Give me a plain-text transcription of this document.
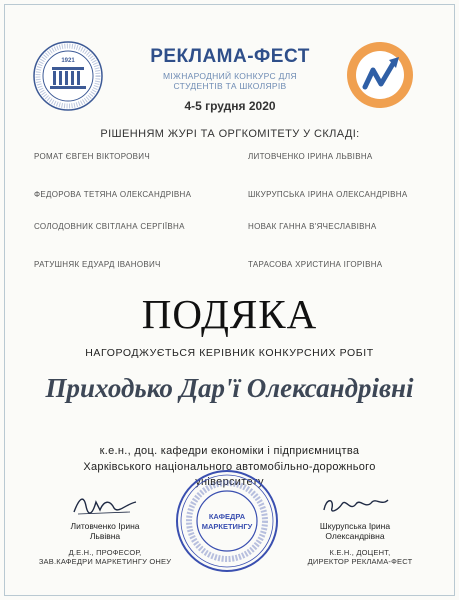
1921	РЕКЛАМА-ФЕСТ
МІЖНАРОДНИЙ КОНКУРС ДЛЯ
СТУДЕНТІВ ТА ШКОЛЯРІВ
4-5 грудня 2020
РІШЕННЯМ ЖУРІ ТА ОРГКОМІТЕТУ У СКЛАДІ:
РОМАТ ЄВГЕН ВІКТОРОВИЧ	ЛИТОВЧЕНКО ІРИНА ЛЬВІВНА
ФЕДОРОВА ТЕТЯНА ОЛЕКСАНДРІВНА	ШКУРУПСЬКА ІРИНА ОЛЕКСАНДРІВНА
СОЛОДОВНИК СВІТЛАНА СЕРГІЇВНА	НОВАК ГАННА В'ЯЧЕСЛАВІВНА
РАТУШНЯК ЕДУАРД ІВАНОВИЧ	ТАРАСОВА ХРИСТИНА ІГОРІВНА
ПОДЯКА
НАГОРОДЖУЄТЬСЯ КЕРІВНИК КОНКУРСНИХ РОБІТ
Приходько Дар'ї Олександрівні
к.е.н., доц. кафедри економіки і підприємництва
Харківського національного автомобільно-дорожнього
університету
КАФЕДРА
МАРКЕТИНГУ
Литовченко Ірина
Львівна
Д.Е.Н., ПРОФЕСОР,
ЗАВ.КАФЕДРИ МАРКЕТИНГУ ОНЕУ
Шкурупська Ірина
Олександрівна
К.Е.Н., ДОЦЕНТ,
ДИРЕКТОР РЕКЛАМА-ФЕСТ
